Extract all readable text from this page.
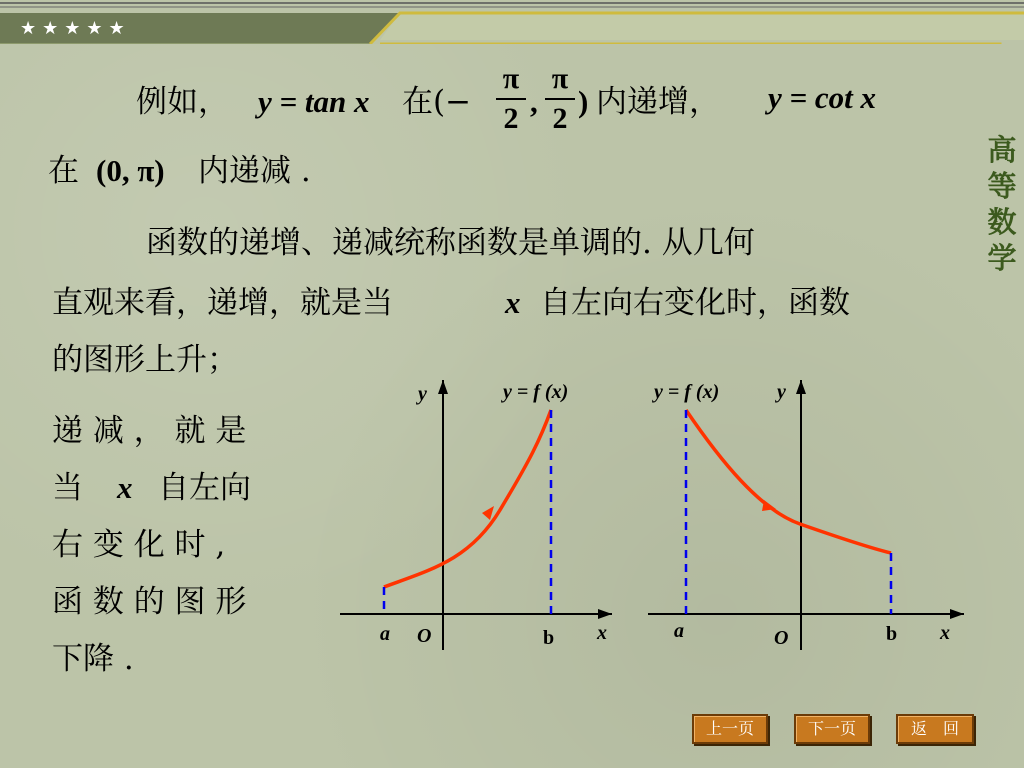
★★★★★
高
等
数
学
例如， y = tan x 在(−
π
2 ,
π
2 ) 内递增， y = cot x
在 (0, π) 内递减 .
函数的递增、递减统称函数是单调的. 从几何
直观来看，递增，就是当	x 自左向右变化时，函数
的图形上升；
递 减 ， 就 是
当 x 自左向
右 变 化 时 ,
函 数 的 图 形
下降 .
y	y = f (x)
a O	b x
y
y = f (x)
a	O	b x
上一页	下一页	返　回
